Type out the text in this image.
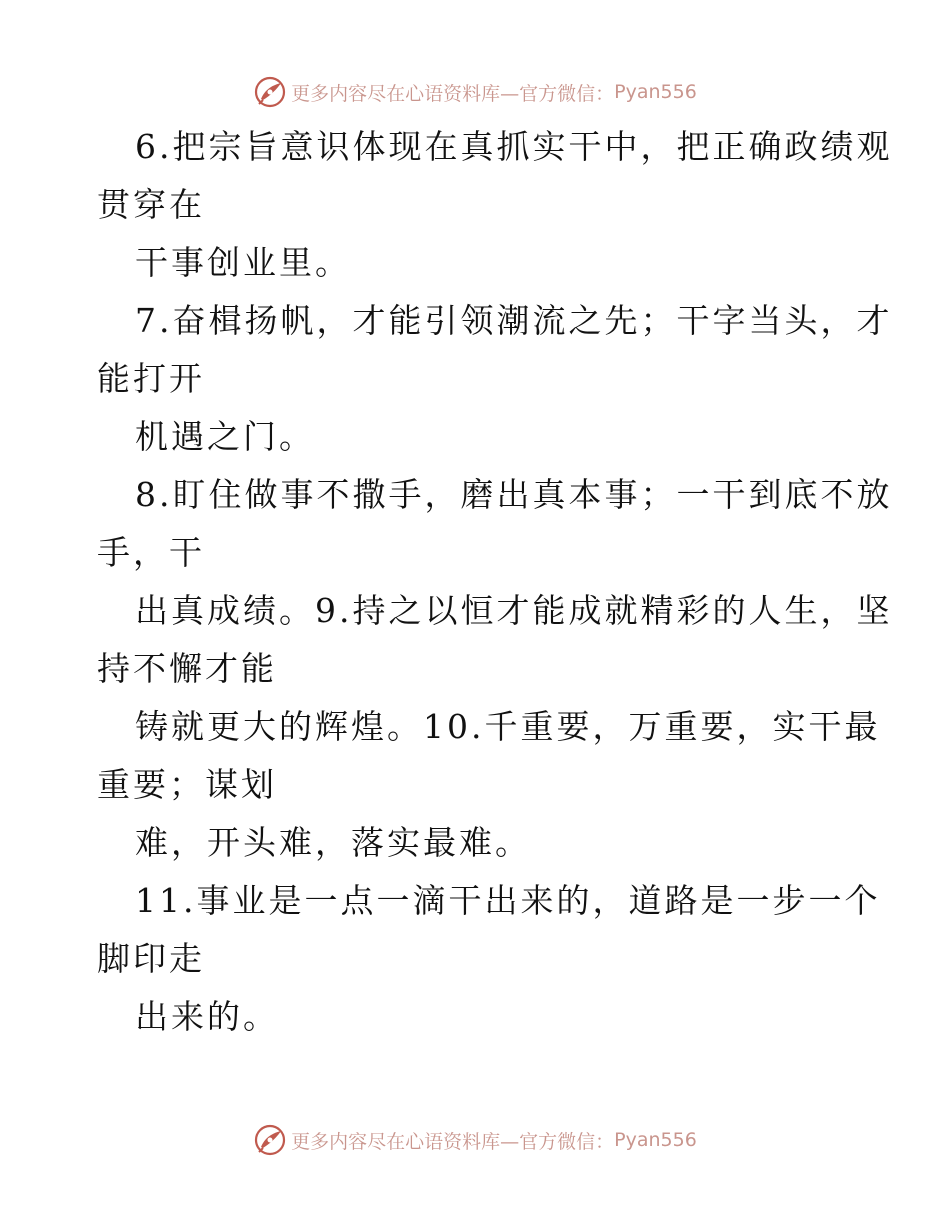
更多内容尽在心语资料库—官方微信： Pyan556
6.把宗旨意识体现在真抓实干中，把正确政绩观
贯穿在
干事创业里。
7.奋楫扬帆，才能引领潮流之先；干字当头，才
能打开
机遇之门。
8.盯住做事不撒手，磨出真本事；一干到底不放
手，干
出真成绩。9.持之以恒才能成就精彩的人生，坚
持不懈才能
铸就更大的辉煌。10.千重要，万重要，实干最
重要；谋划
难，开头难，落实最难。
11.事业是一点一滴干出来的，道路是一步一个
脚印走
出来的。
更多内容尽在心语资料库—官方微信： Pyan556
